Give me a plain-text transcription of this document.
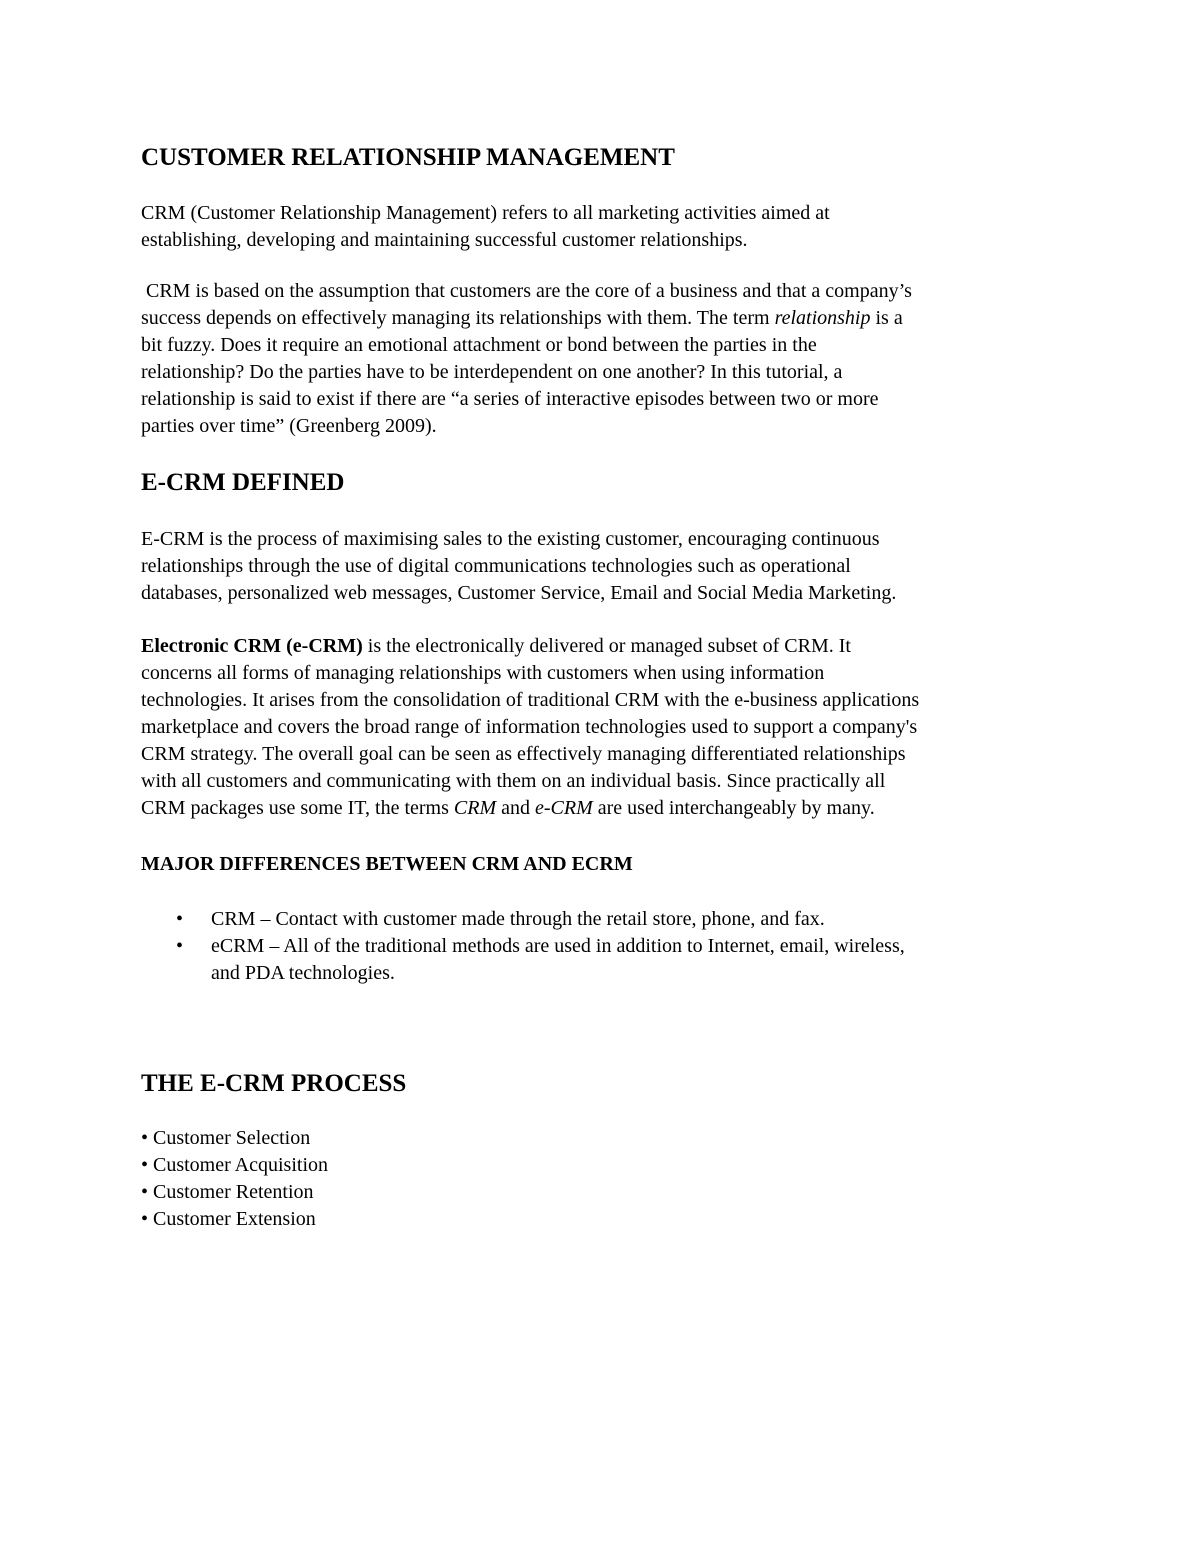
CUSTOMER RELATIONSHIP MANAGEMENT
CRM (Customer Relationship Management) refers to all marketing activities aimed at
establishing, developing and maintaining successful customer relationships.
CRM is based on the assumption that customers are the core of a business and that a company’s
success depends on effectively managing its relationships with them. The term relationship is a
bit fuzzy. Does it require an emotional attachment or bond between the parties in the
relationship? Do the parties have to be interdependent on one another? In this tutorial, a
relationship is said to exist if there are “a series of interactive episodes between two or more
parties over time” (Greenberg 2009).
E-CRM DEFINED
E-CRM is the process of maximising sales to the existing customer, encouraging continuous
relationships through the use of digital communications technologies such as operational
databases, personalized web messages, Customer Service, Email and Social Media Marketing.
Electronic CRM (e-CRM) is the electronically delivered or managed subset of CRM. It
concerns all forms of managing relationships with customers when using information
technologies. It arises from the consolidation of traditional CRM with the e-business applications
marketplace and covers the broad range of information technologies used to support a company's
CRM strategy. The overall goal can be seen as effectively managing differentiated relationships
with all customers and communicating with them on an individual basis. Since practically all
CRM packages use some IT, the terms CRM and e-CRM are used interchangeably by many.
MAJOR DIFFERENCES BETWEEN CRM AND ECRM
• CRM – Contact with customer made through the retail store, phone, and fax.
• eCRM – All of the traditional methods are used in addition to Internet, email, wireless,
and PDA technologies.
THE E-CRM PROCESS
• Customer Selection
• Customer Acquisition
• Customer Retention
• Customer Extension
